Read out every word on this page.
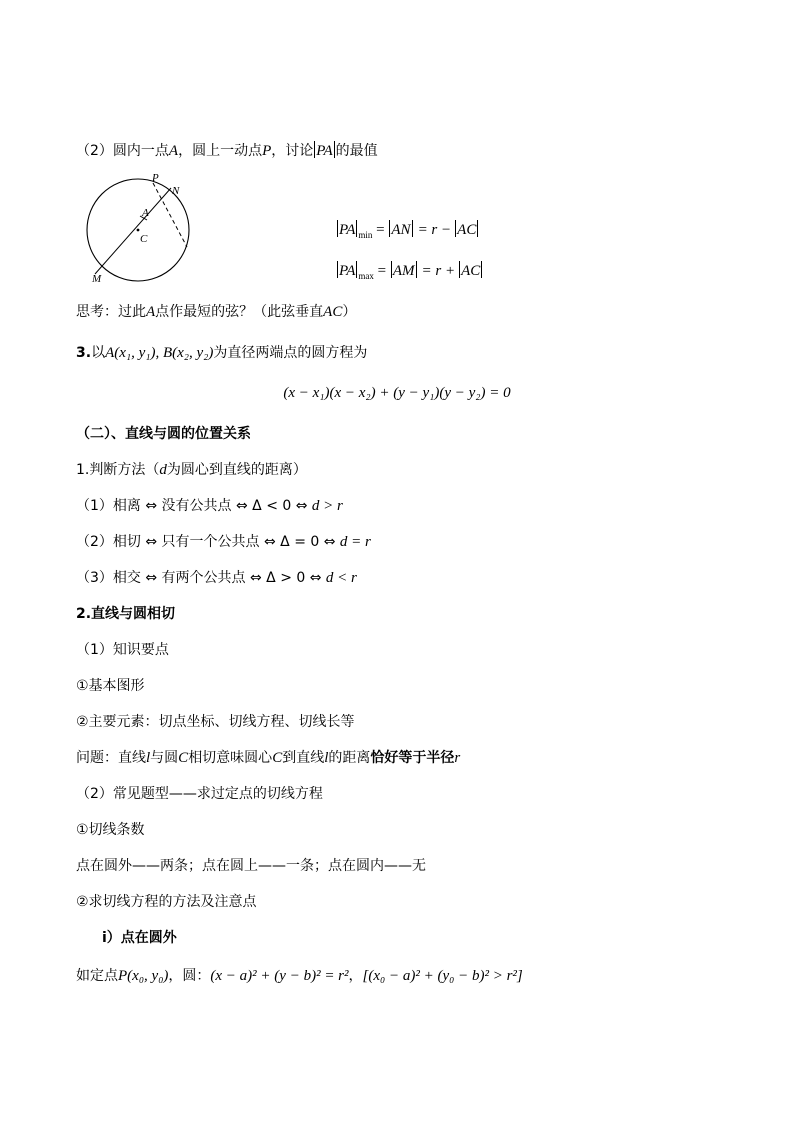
（2）圆内一点A，圆上一动点P，讨论 PA 的最值
P
N
A
C
M
PA $_{min}$ = AN = r − AC
PA $_{max}$ = AM = r + AC
思考：过此A点作最短的弦？（此弦垂直AC）
3.以A(x₁, y₁), B(x₂, y₂)为直径两端点的圆方程为
(x − x₁)(x − x₂) + (y − y₁)(y − y₂) = 0
（二）、直线与圆的位置关系
1.判断方法（d为圆心到直线的距离）
（1）相离 ⇔ 没有公共点 ⇔ Δ < 0 ⇔ d > r
（2）相切 ⇔ 只有一个公共点 ⇔ Δ = 0 ⇔ d = r
（3）相交 ⇔ 有两个公共点 ⇔ Δ > 0 ⇔ d < r
2.直线与圆相切
（1）知识要点
①基本图形
②主要元素：切点坐标、切线方程、切线长等
问题：直线l与圆C相切意味圆心C到直线l的距离恰好等于半径r
（2）常见题型——求过定点的切线方程
①切线条数
点在圆外——两条；点在圆上——一条；点在圆内——无
②求切线方程的方法及注意点
i）点在圆外
如定点P(x₀, y₀)，圆：(x − a)² + (y − b)² = r²，[(x₀ − a)² + (y₀ − b)² > r²]
